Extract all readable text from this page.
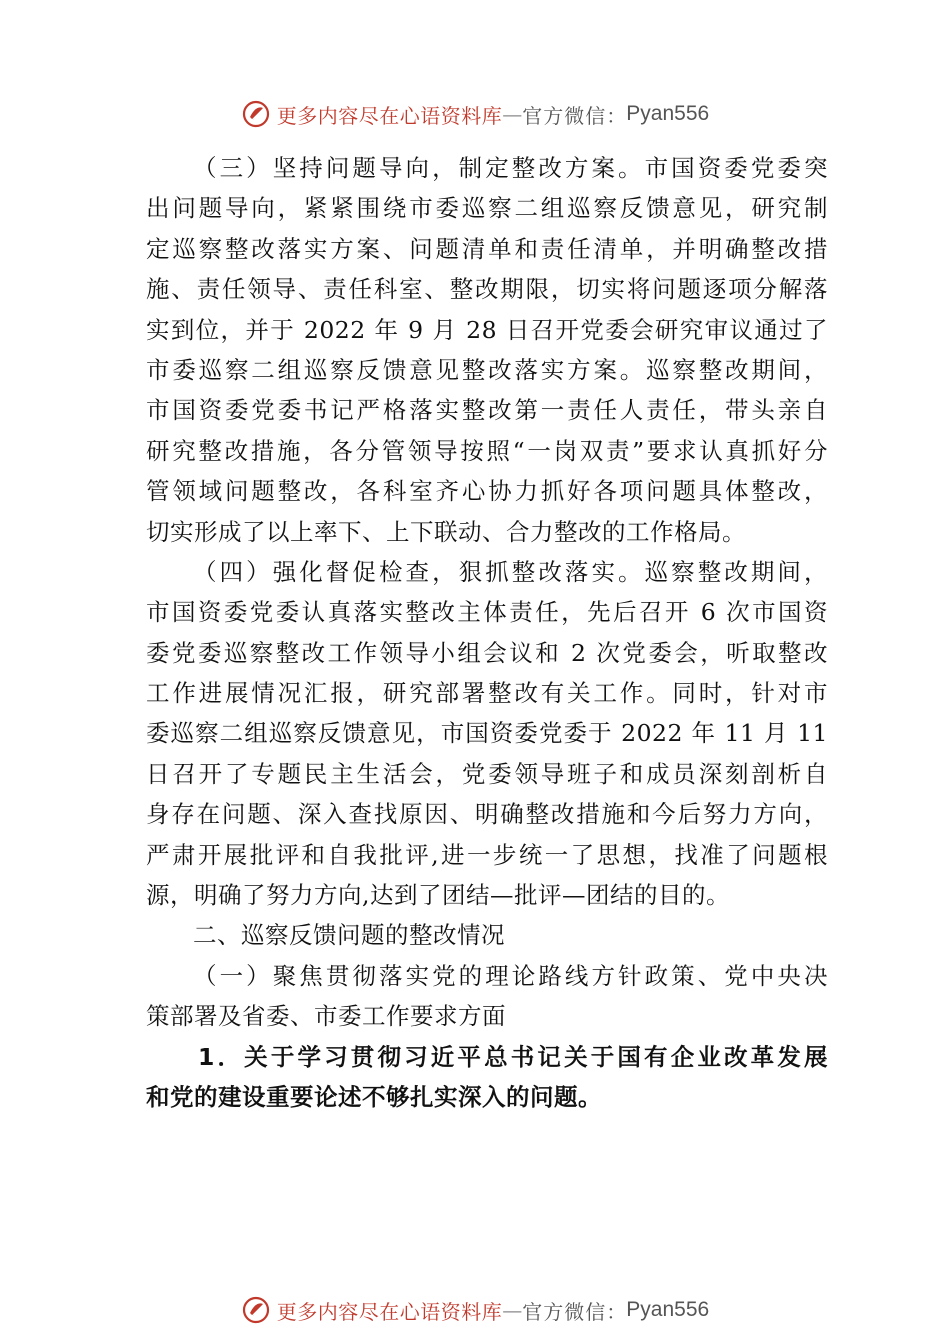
更多内容尽在心语资料库 — 官方微信 ： Pyan556
（三）坚持问题导向，制定整改方案。市国资委党委突
出问题导向，紧紧围绕市委巡察二组巡察反馈意见，研究制
定巡察整改落实方案、问题清单和责任清单，并明确整改措
施、责任领导、责任科室、整改期限，切实将问题逐项分解落
实到位，并于 2022 年 9 月 28 日召开党委会研究审议通过了
市委巡察二组巡察反馈意见整改落实方案。巡察整改期间，
市国资委党委书记严格落实整改第一责任人责任，带头亲自
研究整改措施，各分管领导按照“一岗双责”要求认真抓好分
管领域问题整改，各科室齐心协力抓好各项问题具体整改，
切实形成了以上率下、上下联动、合力整改的工作格局。
（四）强化督促检查，狠抓整改落实。巡察整改期间，
市国资委党委认真落实整改主体责任，先后召开 6 次市国资
委党委巡察整改工作领导小组会议和 2 次党委会，听取整改
工作进展情况汇报，研究部署整改有关工作。同时，针对市
委巡察二组巡察反馈意见，市国资委党委于 2022 年 11 月 11
日召开了专题民主生活会，党委领导班子和成员深刻剖析自
身存在问题、深入查找原因、明确整改措施和今后努力方向，
严肃开展批评和自我批评,进一步统一了思想，找准了问题根
源，明确了努力方向,达到了团结—批评—团结的目的。
二、巡察反馈问题的整改情况
（一）聚焦贯彻落实党的理论路线方针政策、党中央决
策部署及省委、市委工作要求方面
1．关于学习贯彻习近平总书记关于国有企业改革发展
和党的建设重要论述不够扎实深入的问题。
更多内容尽在心语资料库 — 官方微信 ： Pyan556
